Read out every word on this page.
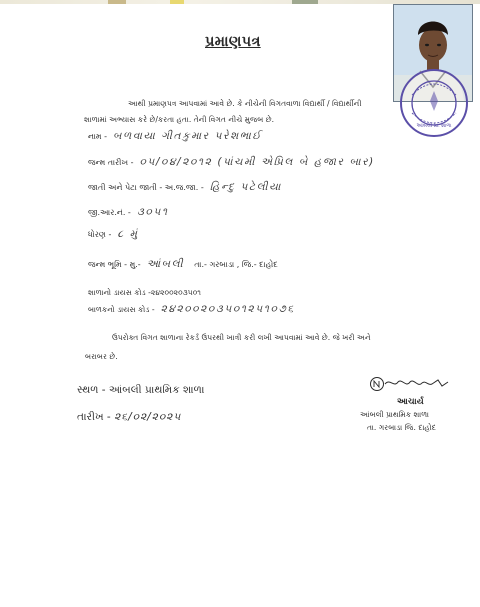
પ્રમાણપત્ર
આંબલી પ્રા. શાળા
આથી પ્રમાણપત્ર આપવામાં આવે છે. કે નીચેની વિગતવાળા વિદ્યાર્થી / વિદ્યાર્થીની
શાળામાં અભ્યાસ કરે છે/કરતા હતા. તેની વિગત નીચે મુજબ છે.
નામ - બળવાયા ગીતકુમાર પરેશભાઈ
જન્મ તારીખ - ૦૫/૦૪/૨૦૧૨ (પાંચમી એપ્રિલ બે હજાર બાર)
જાતી અને પેટા જાતી - અ.જ.જા. - હિન્દુ પટેલીયા
જી.આર.નં. - ૩૦૫૧
ધોરણ - ૮ મું
જન્મ ભૂમિ - મુ.- આંબલી તા.- ગરબાડા , જિ.- દાહોદ
શાળાનો ડાયસ કોડ -૨૪૨૦૦૨૦૩૫૦૧
બાળકનો ડાયસ કોડ - ૨૪૨૦૦૨૦૩૫૦૧૨૫૧૦૭૬
ઉપરોક્ત વિગત શાળાના રેકર્ડ ઉપરથી ખાત્રી કરી લખી આપવામાં આવે છે. જે ખરી અને
બરાબર છે.
સ્થળ - આંબલી પ્રાથમિક શાળા
તારીખ - ૨૬/૦૨/૨૦૨૫
આચાર્ય
આંબલી પ્રાથમિક શાળા
તા. ગરબાડા જિ. દાહોદ
